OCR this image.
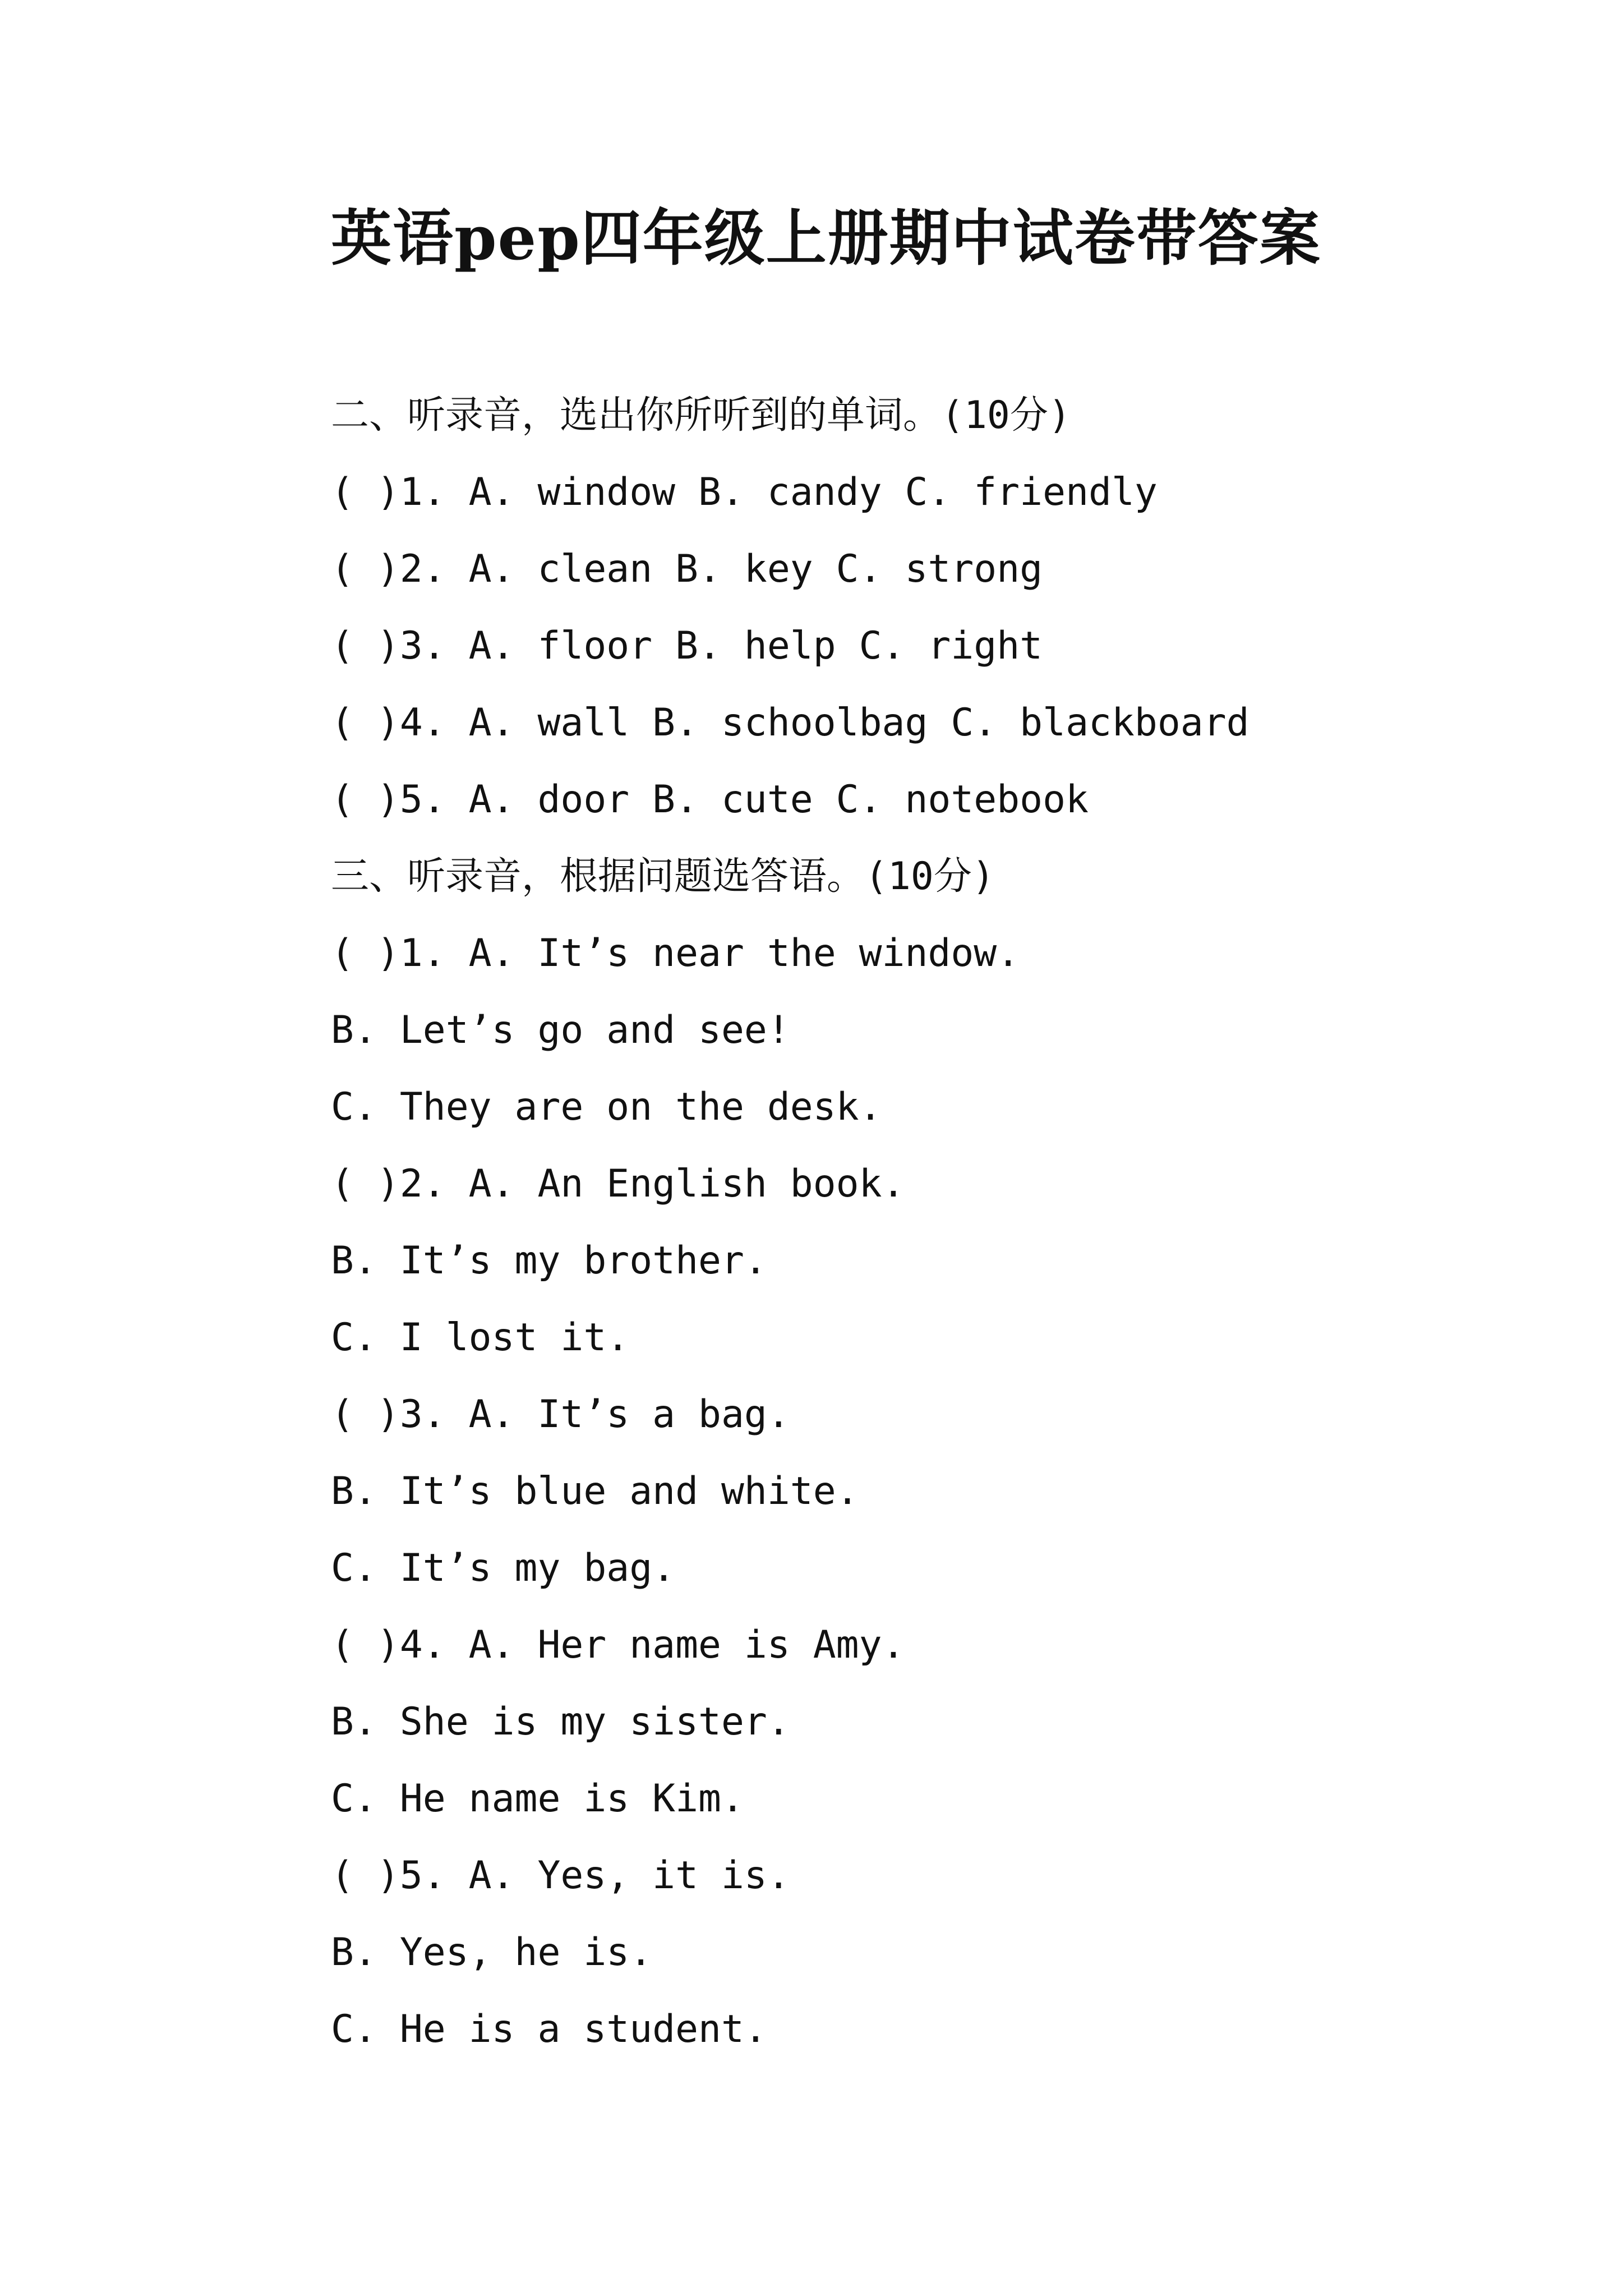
英语pep四年级上册期中试卷带答案
二、听录音，选出你所听到的单词。(10分)
( )1. A. window B. candy C. friendly
( )2. A. clean B. key C. strong
( )3. A. floor B. help C. right
( )4. A. wall B. schoolbag C. blackboard
( )5. A. door B. cute C. notebook
三、听录音，根据问题选答语。(10分)
( )1. A. It’s near the window.
B. Let’s go and see!
C. They are on the desk.
( )2. A. An English book.
B. It’s my brother.
C. I lost it.
( )3. A. It’s a bag.
B. It’s blue and white.
C. It’s my bag.
( )4. A. Her name is Amy.
B. She is my sister.
C. He name is Kim.
( )5. A. Yes, it is.
B. Yes, he is.
C. He is a student.
